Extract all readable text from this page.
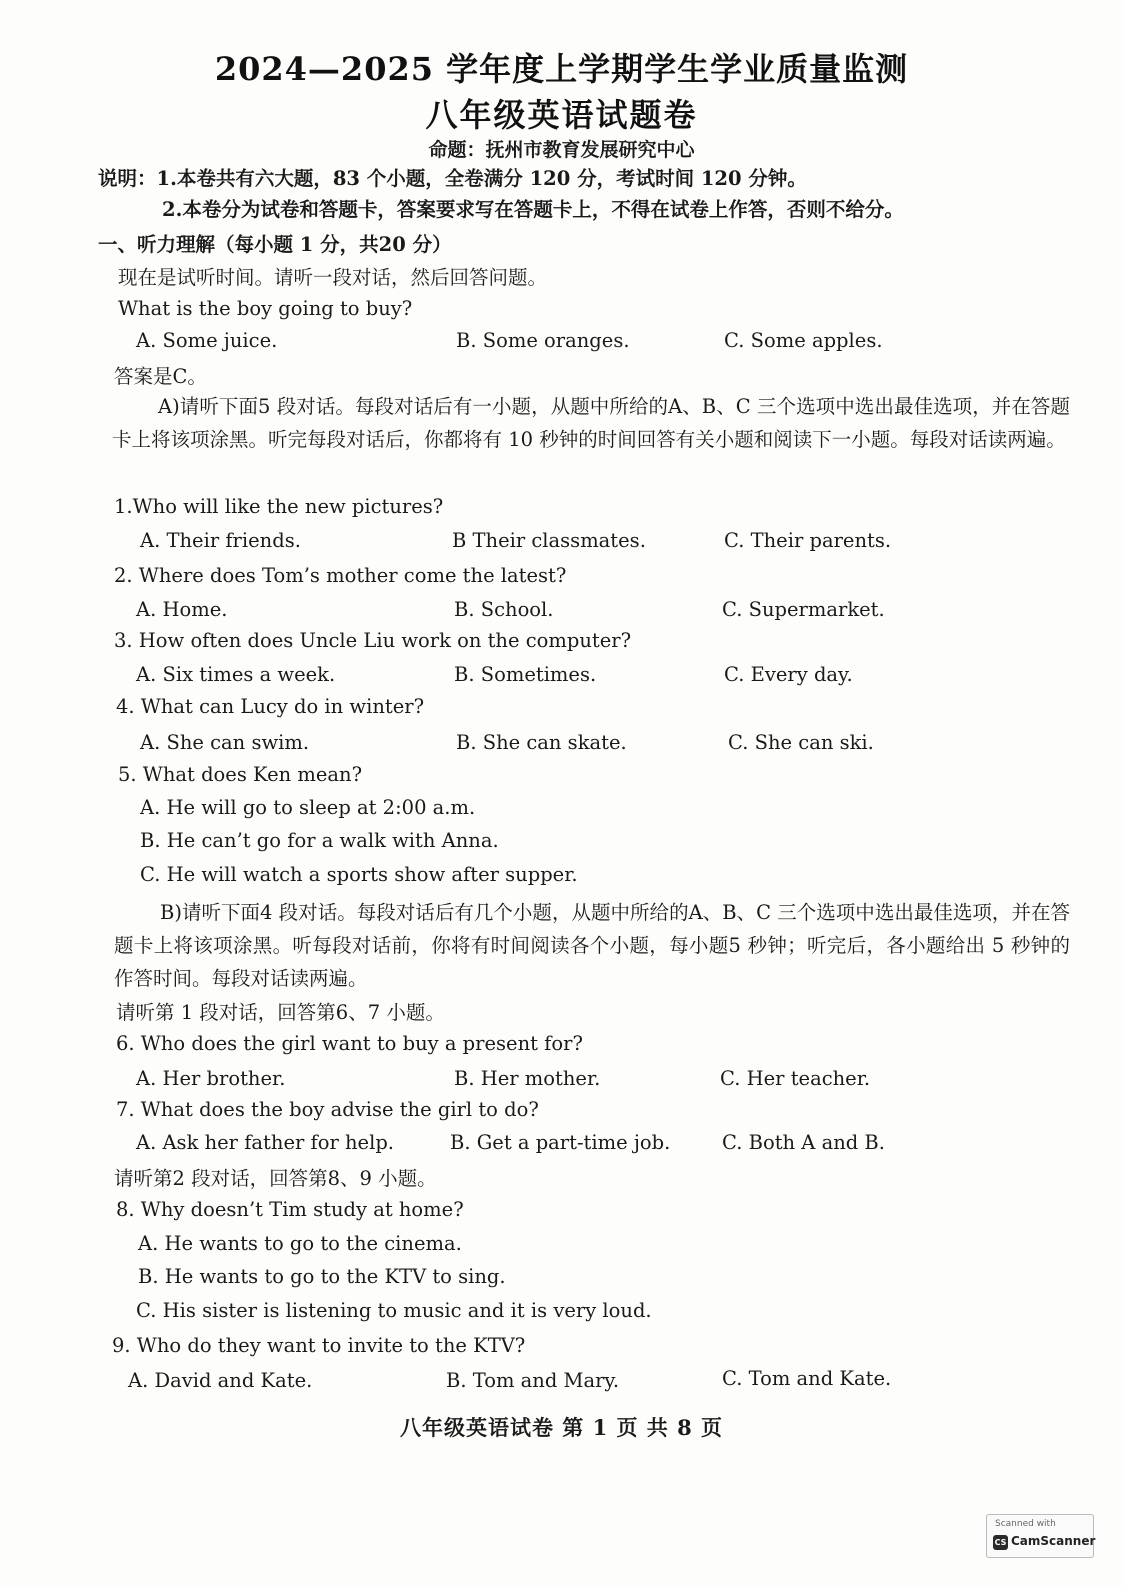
2024—2025 学年度上学期学生学业质量监测
八年级英语试题卷
命题：抚州市教育发展研究中心
说明：1.本卷共有六大题，83 个小题，全卷满分 120 分，考试时间 120 分钟。
2.本卷分为试卷和答题卡，答案要求写在答题卡上，不得在试卷上作答，否则不给分。
一、听力理解（每小题 1 分，共20 分）
现在是试听时间。请听一段对话，然后回答问题。
What is the boy going to buy?
A. Some juice.	B. Some oranges.	C. Some apples.
答案是C。
A)请听下面5 段对话。每段对话后有一小题，从题中所给的A、B、C 三个选项中选出最佳选项，并在答题卡上将该项涂黑。听完每段对话后，你都将有 10 秒钟的时间回答有关小题和阅读下一小题。每段对话读两遍。
1.Who will like the new pictures?
A. Their friends.	B Their classmates.	C. Their parents.
2. Where does Tom’s mother come the latest?
A. Home.	B. School.	C. Supermarket.
3. How often does Uncle Liu work on the computer?
A. Six times a week.	B. Sometimes.	C. Every day.
4. What can Lucy do in winter?
A. She can swim.	B. She can skate.	C. She can ski.
5. What does Ken mean?
A. He will go to sleep at 2:00 a.m.
B. He can’t go for a walk with Anna.
C. He will watch a sports show after supper.
B)请听下面4 段对话。每段对话后有几个小题，从题中所给的A、B、C 三个选项中选出最佳选项，并在答题卡上将该项涂黑。听每段对话前，你将有时间阅读各个小题，每小题5 秒钟；听完后，各小题给出 5 秒钟的作答时间。每段对话读两遍。
请听第 1 段对话，回答第6、7 小题。
6. Who does the girl want to buy a present for?
A. Her brother.	B. Her mother.	C. Her teacher.
7. What does the boy advise the girl to do?
A. Ask her father for help.	B. Get a part-time job.	C. Both A and B.
请听第2 段对话，回答第8、9 小题。
8. Why doesn’t Tim study at home?
A. He wants to go to the cinema.
B. He wants to go to the KTV to sing.
C. His sister is listening to music and it is very loud.
9. Who do they want to invite to the KTV?
A. David and Kate.	B. Tom and Mary.	C. Tom and Kate.
八年级英语试卷 第 1 页 共 8 页
Scanned with
CS CamScanner
